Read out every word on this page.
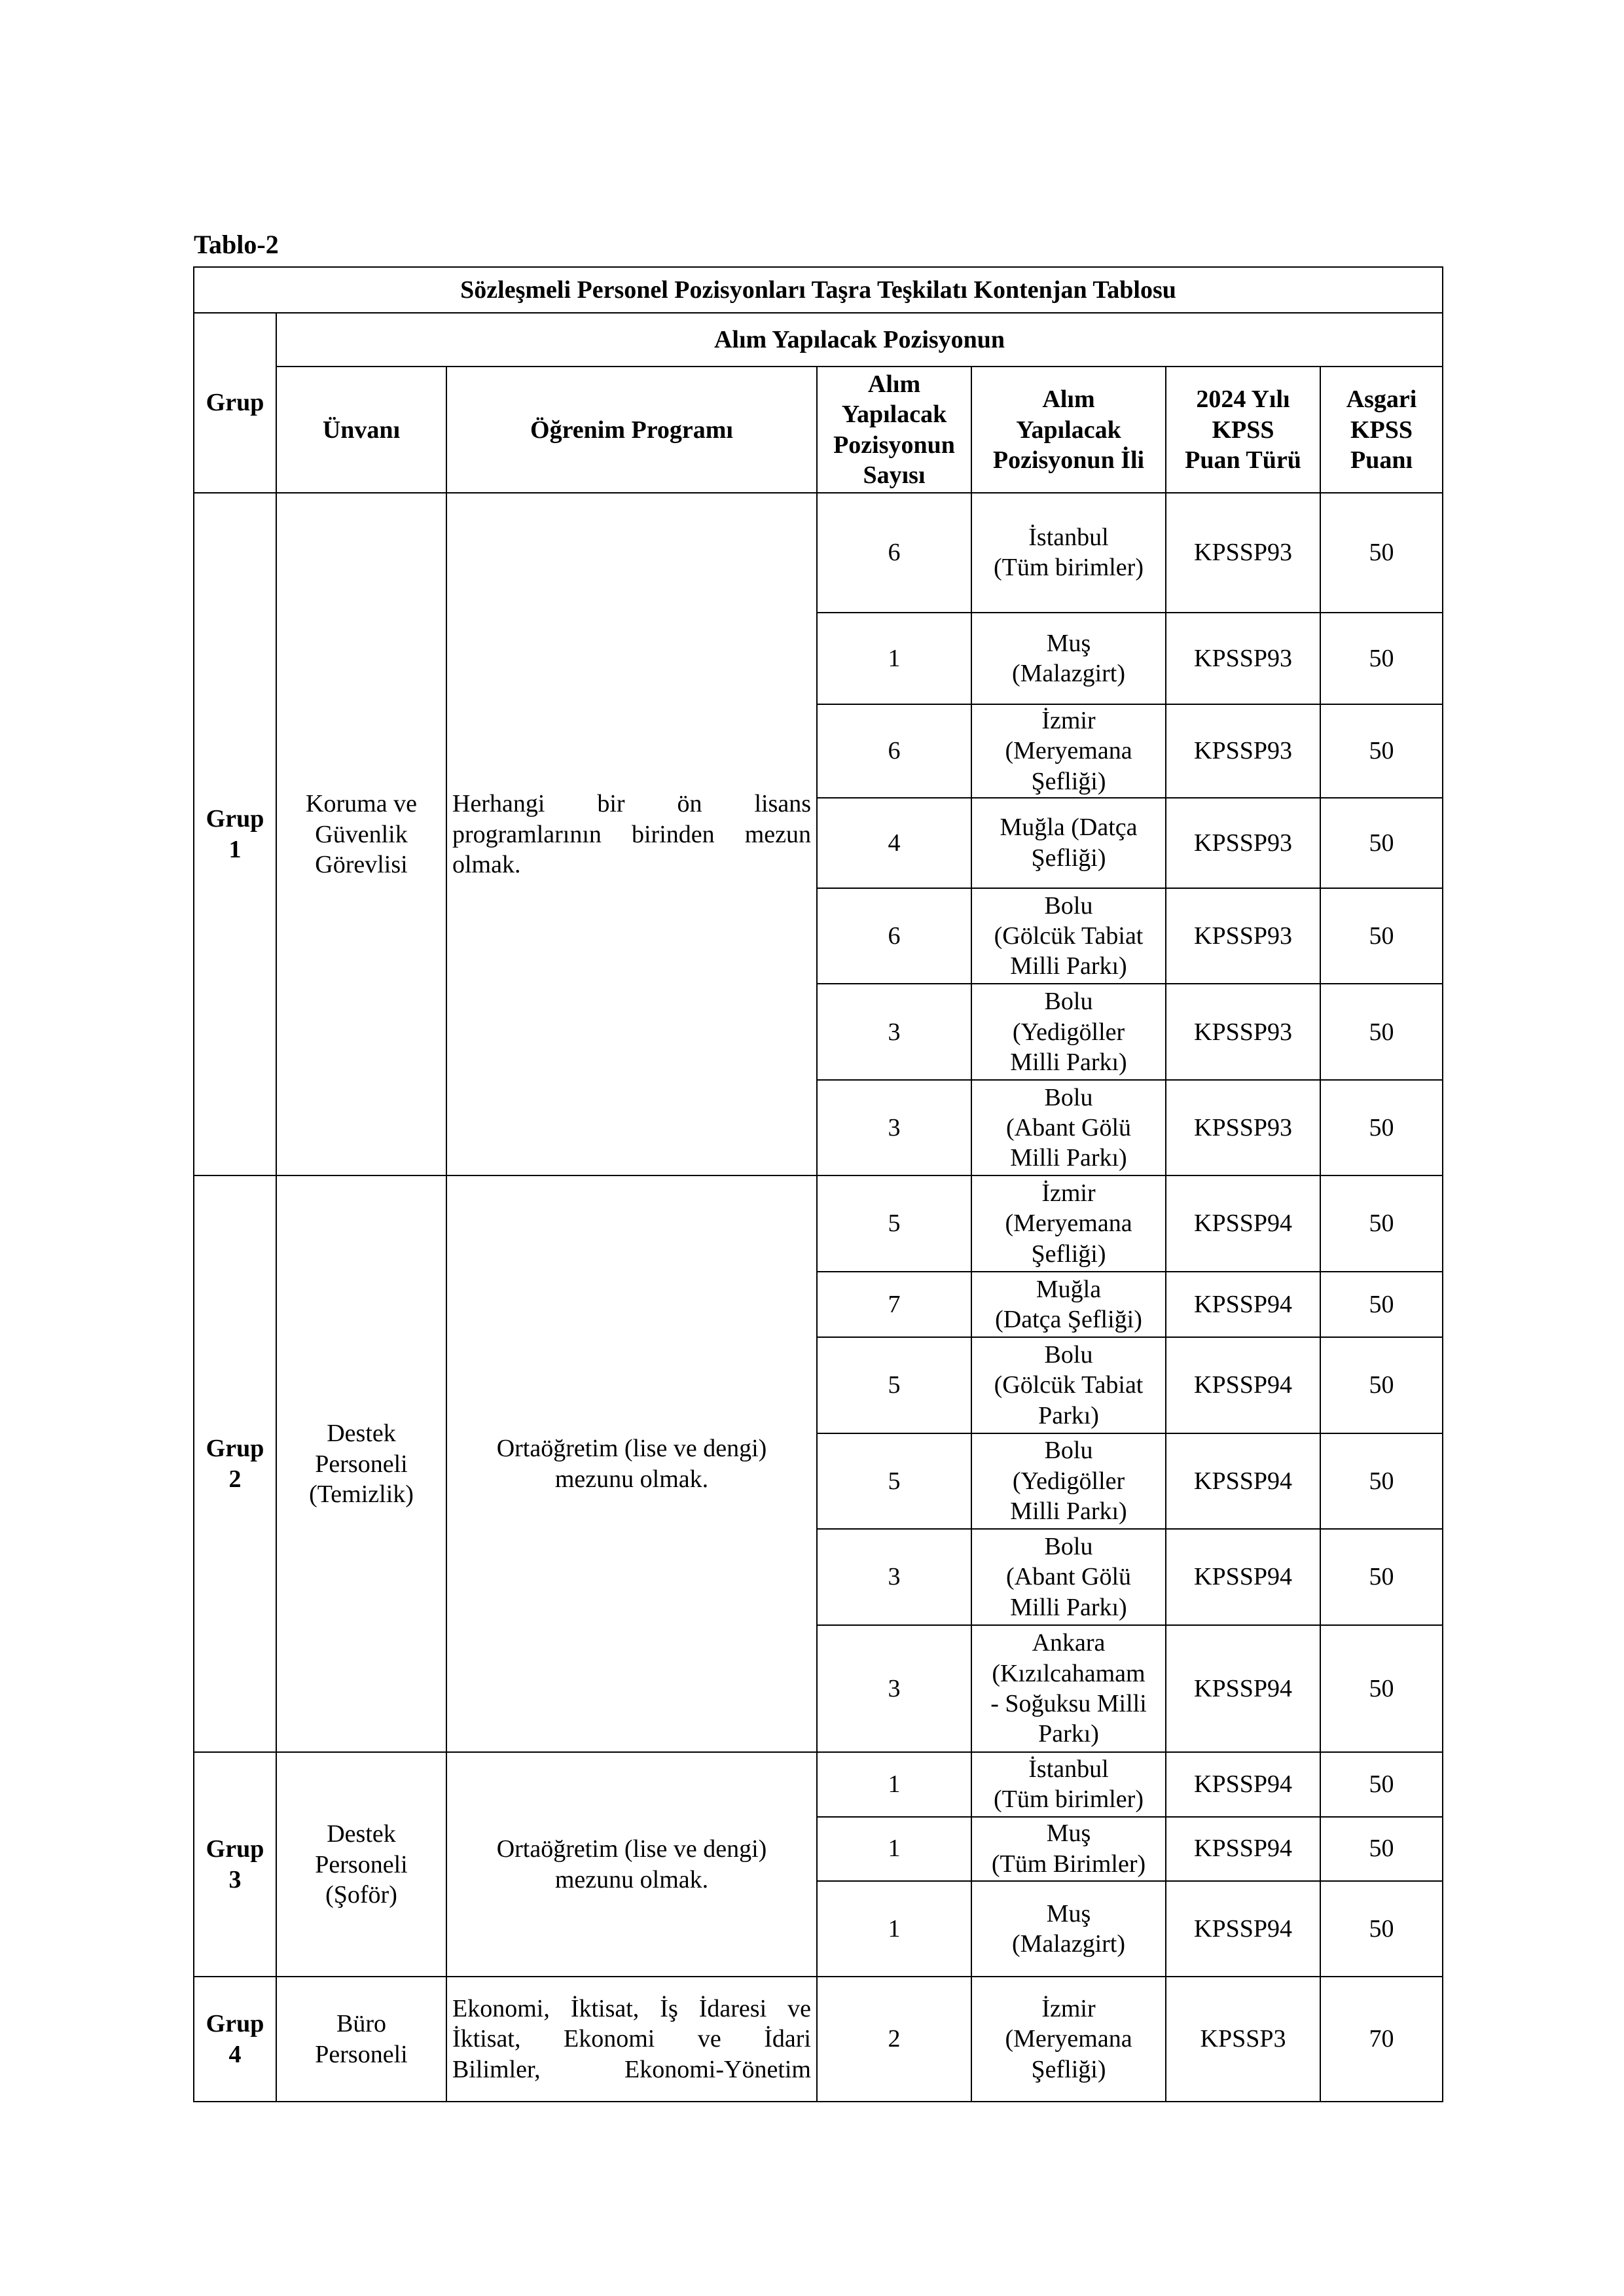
Tablo-2
Sözleşmeli Personel Pozisyonları Taşra Teşkilatı Kontenjan Tablosu						
Grup	Alım Yapılacak Pozisyonun					
	Ünvanı	Öğrenim Programı	Alım
Yapılacak
Pozisyonun
Sayısı	Alım
Yapılacak
Pozisyonun İli	2024 Yılı
KPSS
Puan Türü	Asgari
KPSS
Puanı

Grup
1	Koruma ve
Güvenlik
Görevlisi	Herhangi bir ön lisans
programlarının birinden mezun
olmak.	6	İstanbul
(Tüm birimler)	KPSSP93	50
			1	Muş
(Malazgirt)	KPSSP93	50
			6	İzmir
(Meryemana
Şefliği)	KPSSP93	50
			4	Muğla (Datça
Şefliği)	KPSSP93	50
			6	Bolu
(Gölcük Tabiat
Milli Parkı)	KPSSP93	50
			3	Bolu
(Yedigöller
Milli Parkı)	KPSSP93	50
			3	Bolu
(Abant Gölü
Milli Parkı)	KPSSP93	50

Grup
2	Destek
Personeli
(Temizlik)	Ortaöğretim (lise ve dengi)
mezunu olmak.	5	İzmir
(Meryemana
Şefliği)	KPSSP94	50
			7	Muğla
(Datça Şefliği)	KPSSP94	50
			5	Bolu
(Gölcük Tabiat
Parkı)	KPSSP94	50
			5	Bolu
(Yedigöller
Milli Parkı)	KPSSP94	50
			3	Bolu
(Abant Gölü
Milli Parkı)	KPSSP94	50
			3	Ankara
(Kızılcahamam
- Soğuksu Milli
Parkı)	KPSSP94	50

Grup
3	Destek
Personeli
(Şoför)	Ortaöğretim (lise ve dengi)
mezunu olmak.	1	İstanbul
(Tüm birimler)	KPSSP94	50
			1	Muş
(Tüm Birimler)	KPSSP94	50
			1	Muş
(Malazgirt)	KPSSP94	50

Grup
4	Büro
Personeli	Ekonomi, İktisat, İş İdaresi ve
İktisat, Ekonomi ve İdari
Bilimler, Ekonomi-Yönetim	2	İzmir
(Meryemana
Şefliği)	KPSSP3	70
